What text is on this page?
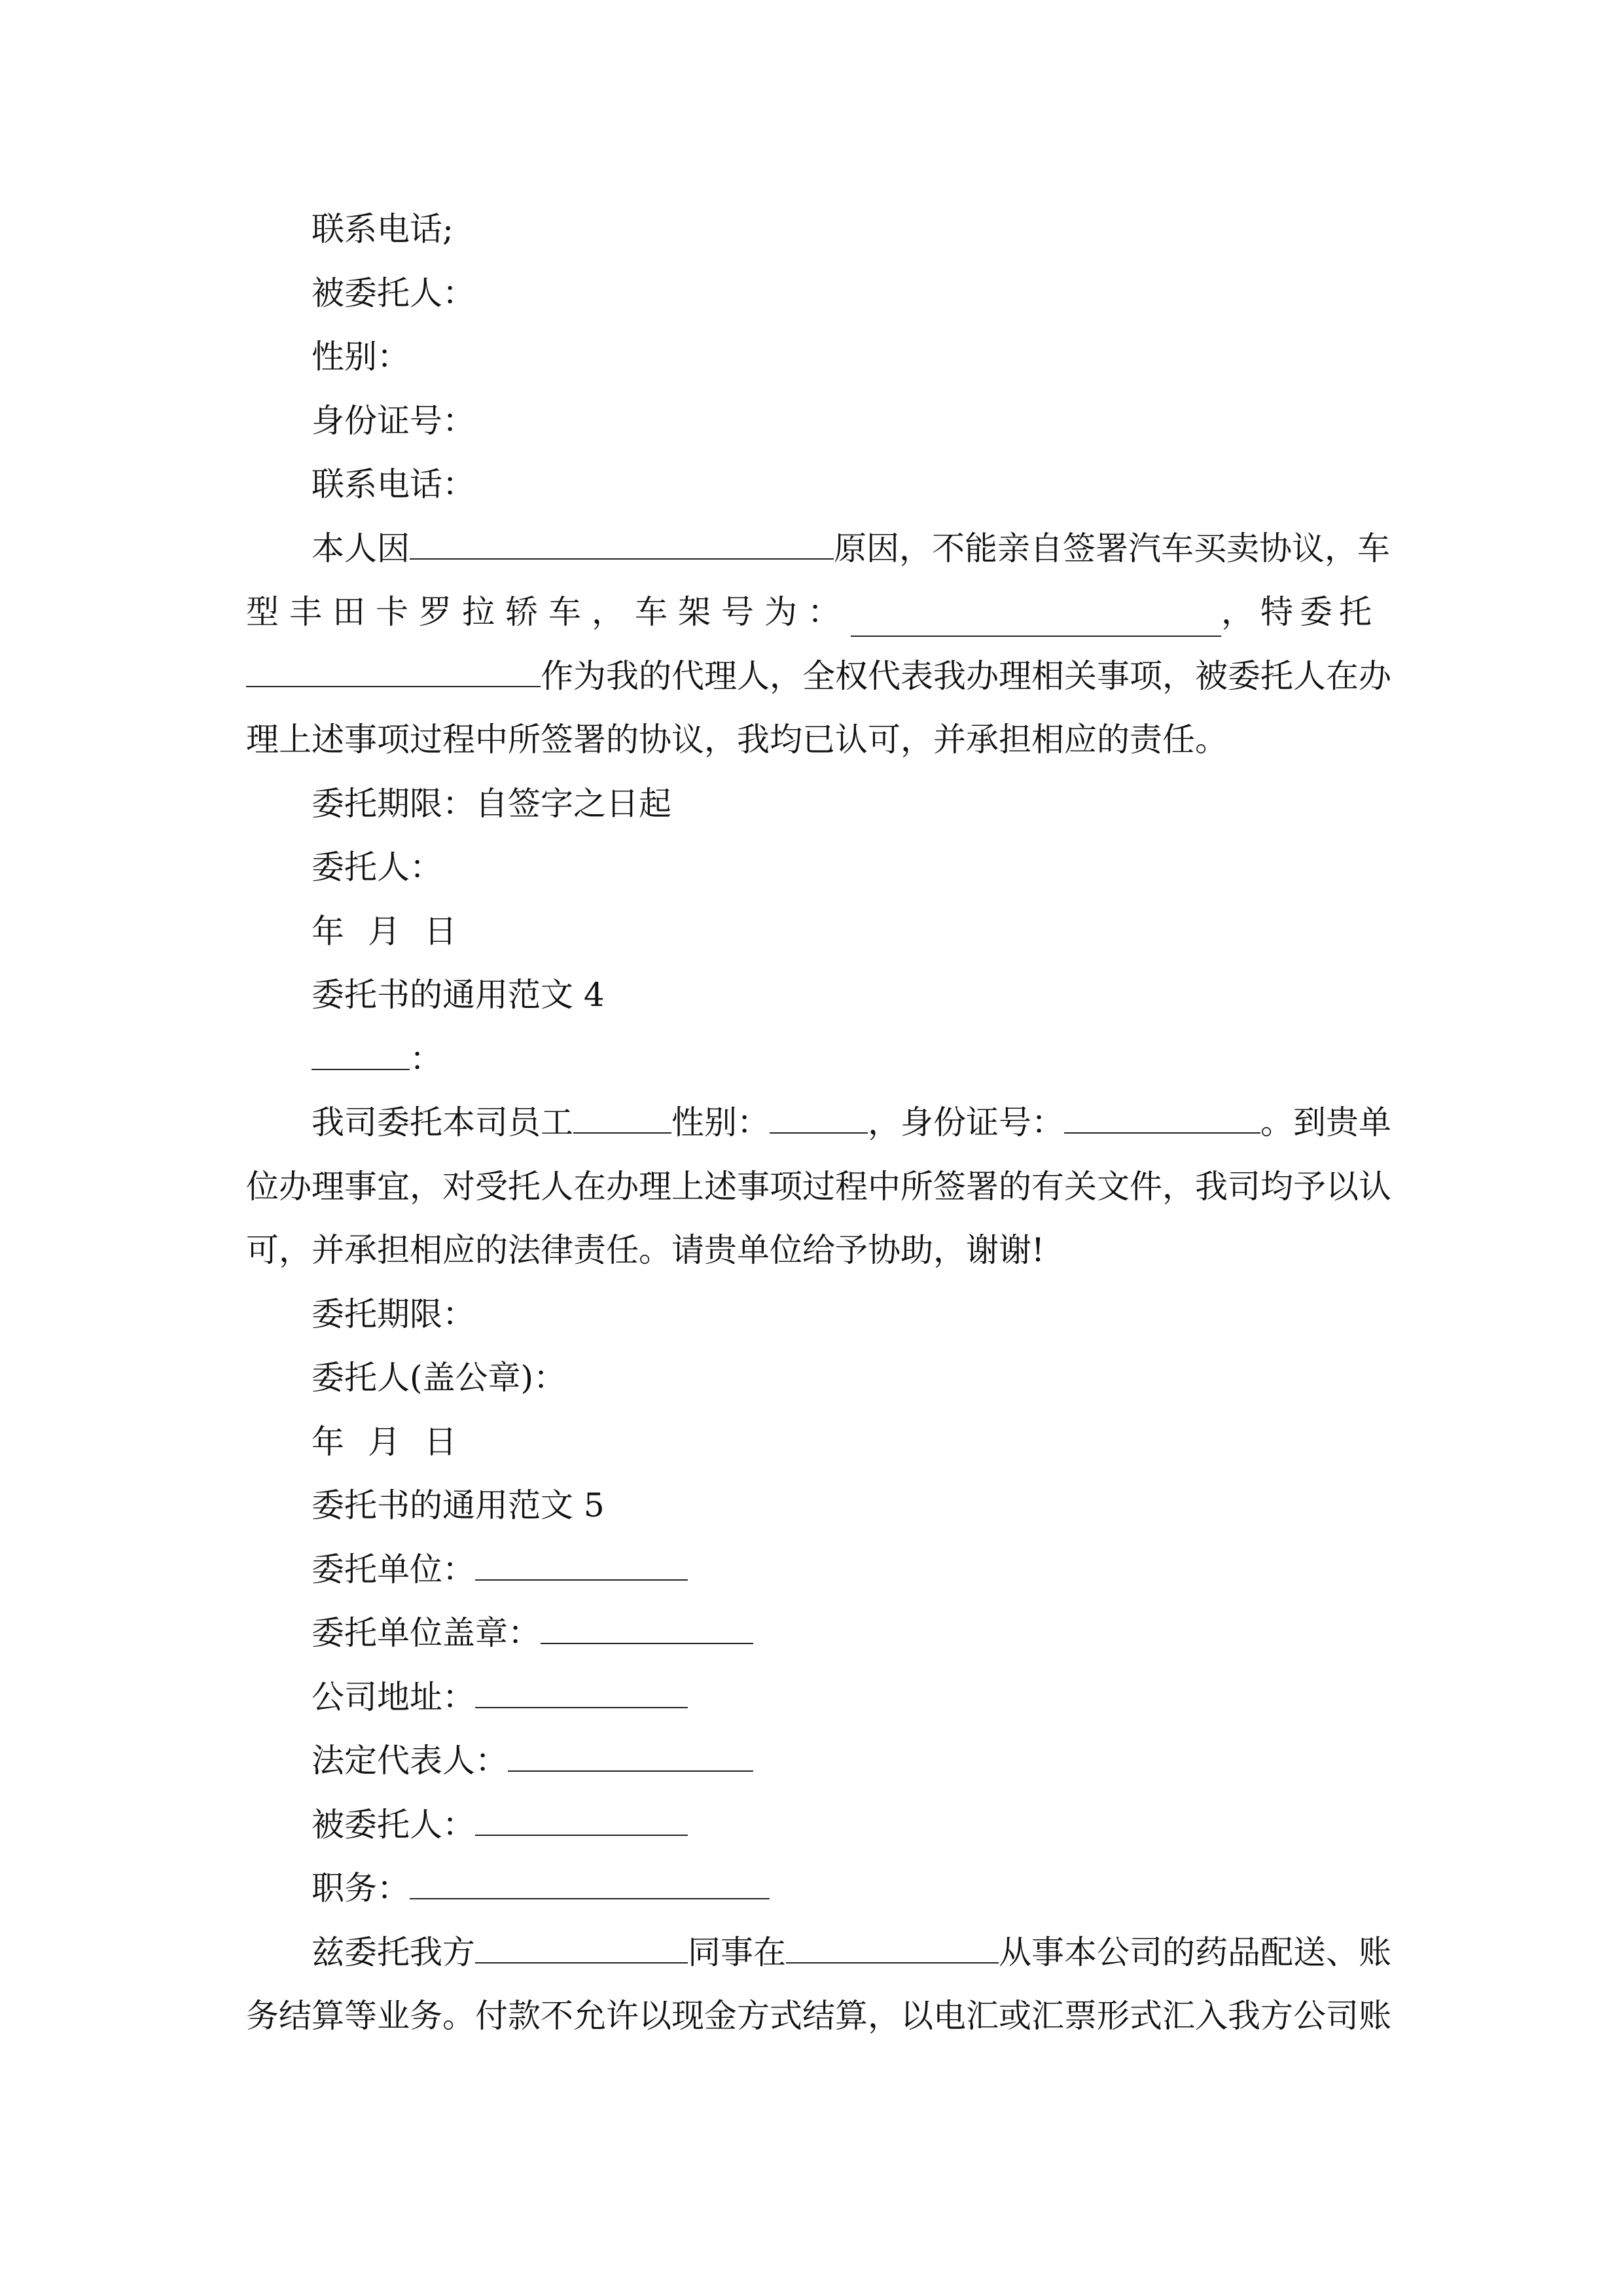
联系电话;
被委托人：
性别：
身份证号：
联系电话：
本人因	原因，不能亲自签署汽车买卖协议，车
型丰田卡罗拉轿车，车架号为：	，特委托
作为我的代理人，全权代表我办理相关事项，被委托人在办
理上述事项过程中所签署的协议，我均已认可，并承担相应的责任。
委托期限：自签字之日起
委托人：
年 月 日
委托书的通用范文 4
：
我司委托本司员工	性别：	，身份证号：	。到贵单
位办理事宜，对受托人在办理上述事项过程中所签署的有关文件，我司均予以认
可，并承担相应的法律责任。请贵单位给予协助，谢谢!
委托期限：
委托人(盖公章)：
年 月 日
委托书的通用范文 5
委托单位：
委托单位盖章：
公司地址：
法定代表人：
被委托人：
职务：
兹委托我方	同事在	从事本公司的药品配送、账
务结算等业务。付款不允许以现金方式结算，以电汇或汇票形式汇入我方公司账
